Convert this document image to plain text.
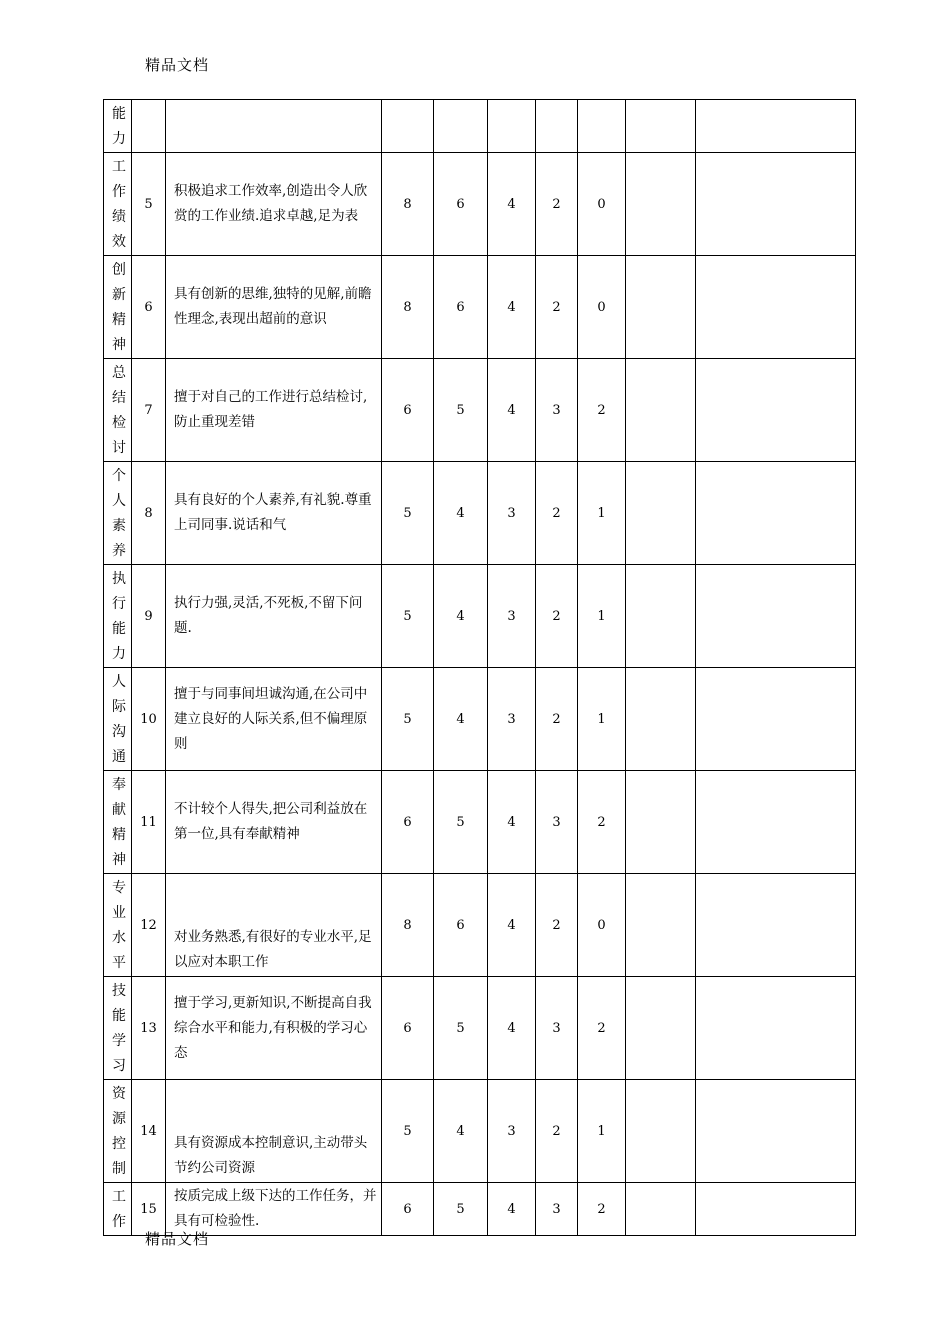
精品文档
能力									
工作绩效	5	积极追求工作效率,创造出令人欣赏的工作业绩.追求卓越,足为表	8	6	4	2	0		
创新精神	6	具有创新的思维,独特的见解,前瞻性理念,表现出超前的意识	8	6	4	2	0		
总结检讨	7	擅于对自己的工作进行总结检讨,防止重现差错	6	5	4	3	2		
个人素养	8	具有良好的个人素养,有礼貌.尊重上司同事.说话和气	5	4	3	2	1		
执行能力	9	执行力强,灵活,不死板,不留下问题.	5	4	3	2	1		
人际沟通	10	擅于与同事间坦诚沟通,在公司中建立良好的人际关系,但不偏理原则	5	4	3	2	1		
奉献精神	11	不计较个人得失,把公司利益放在第一位,具有奉献精神	6	5	4	3	2		
专业水平	12	对业务熟悉,有很好的专业水平,足以应对本职工作	8	6	4	2	0		
技能学习	13	擅于学习,更新知识,不断提高自我综合水平和能力,有积极的学习心态	6	5	4	3	2		
资源控制	14	具有资源成本控制意识,主动带头节约公司资源	5	4	3	2	1		
工作	15	按质完成上级下达的工作任务，并具有可检验性.	6	5	4	3	2		
精品文档
